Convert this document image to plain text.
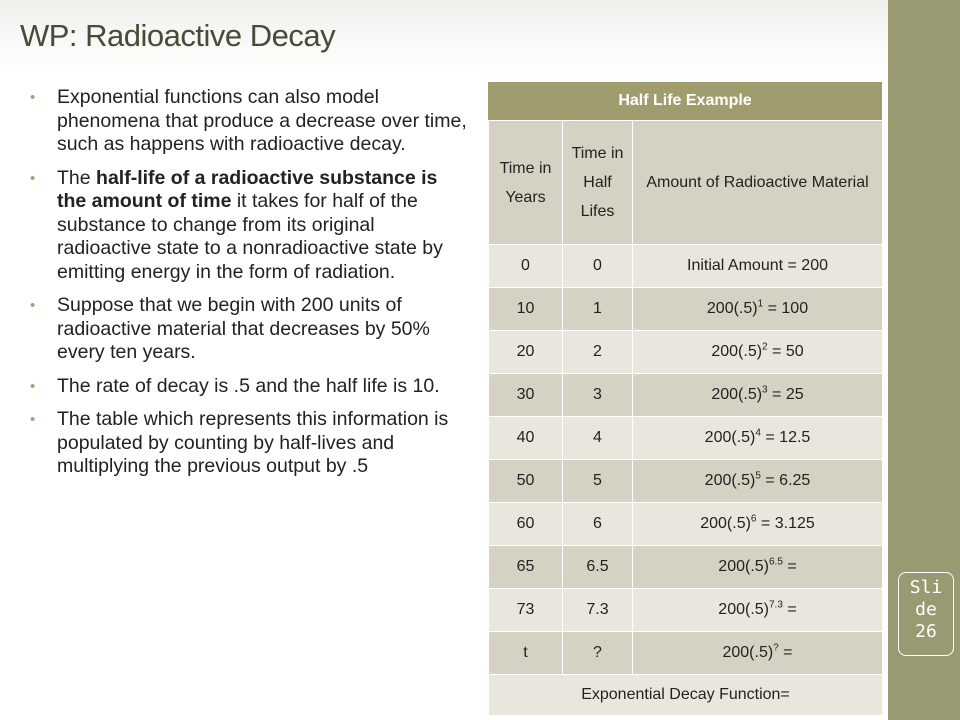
WP: Radioactive Decay
• Exponential functions can also model phenomena that produce a decrease over time, such as happens with radioactive decay.
• The half-life of a radioactive substance is the amount of time it takes for half of the substance to change from its original radioactive state to a nonradioactive state by emitting energy in the form of radiation.
• Suppose that we begin with 200 units of radioactive material that decreases by 50% every ten years.
• The rate of decay is .5 and the half life is 10.
• The table which represents this information is populated by counting by half-lives and multiplying the previous output by .5
Half Life Example
Time in Years	Time in Half Lifes	Amount of Radioactive Material
0	0	Initial Amount = 200
10	1	$200(.5)^1 = 100$
20	2	$200(.5)^2 = 50$
30	3	$200(.5)^3 = 25$
40	4	$200(.5)^4 = 12.5$
50	5	$200(.5)^5 = 6.25$
60	6	$200(.5)^6 = 3.125$
65	6.5	$200(.5)^{6.5}$ =
73	7.3	$200(.5)^{7.3}$ =
t	?	200(.5)? =
Exponential Decay Function=		
Sli
de
26
